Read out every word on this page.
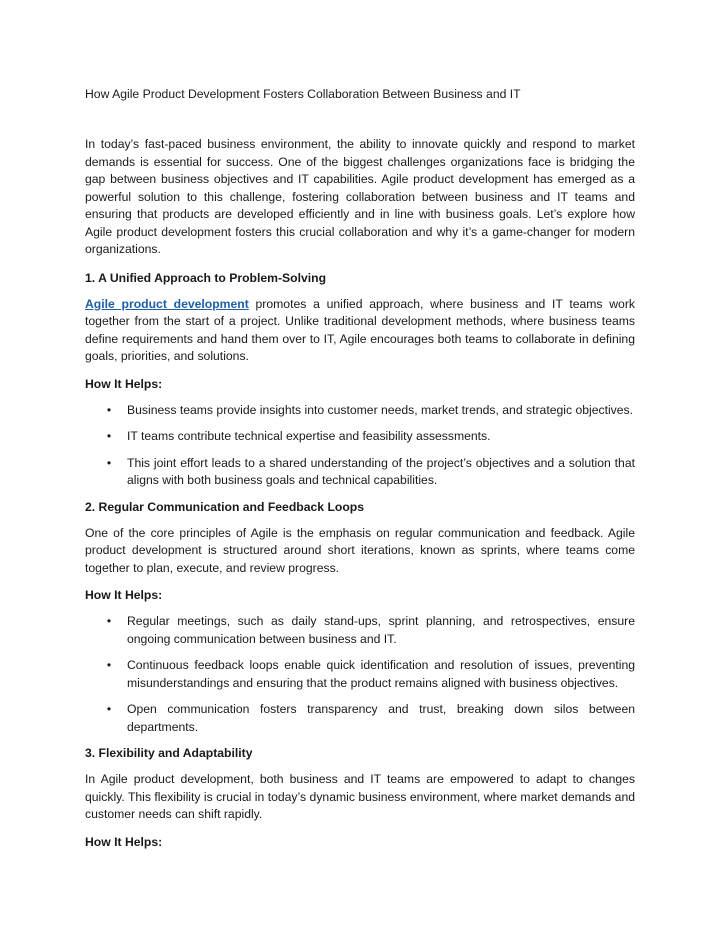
How Agile Product Development Fosters Collaboration Between Business and IT

In today’s fast-paced business environment, the ability to innovate quickly and respond to market demands is essential for success. One of the biggest challenges organizations face is bridging the gap between business objectives and IT capabilities. Agile product development has emerged as a powerful solution to this challenge, fostering collaboration between business and IT teams and ensuring that products are developed efficiently and in line with business goals. Let’s explore how Agile product development fosters this crucial collaboration and why it’s a game-changer for modern organizations.

1. A Unified Approach to Problem-Solving

Agile product development promotes a unified approach, where business and IT teams work together from the start of a project. Unlike traditional development methods, where business teams define requirements and hand them over to IT, Agile encourages both teams to collaborate in defining goals, priorities, and solutions.

How It Helps:
• Business teams provide insights into customer needs, market trends, and strategic objectives.
• IT teams contribute technical expertise and feasibility assessments.
• This joint effort leads to a shared understanding of the project’s objectives and a solution that aligns with both business goals and technical capabilities.
2. Regular Communication and Feedback Loops

One of the core principles of Agile is the emphasis on regular communication and feedback. Agile product development is structured around short iterations, known as sprints, where teams come together to plan, execute, and review progress.

How It Helps:
• Regular meetings, such as daily stand-ups, sprint planning, and retrospectives, ensure ongoing communication between business and IT.
• Continuous feedback loops enable quick identification and resolution of issues, preventing misunderstandings and ensuring that the product remains aligned with business objectives.
• Open communication fosters transparency and trust, breaking down silos between departments.
3. Flexibility and Adaptability

In Agile product development, both business and IT teams are empowered to adapt to changes quickly. This flexibility is crucial in today’s dynamic business environment, where market demands and customer needs can shift rapidly.

How It Helps:
